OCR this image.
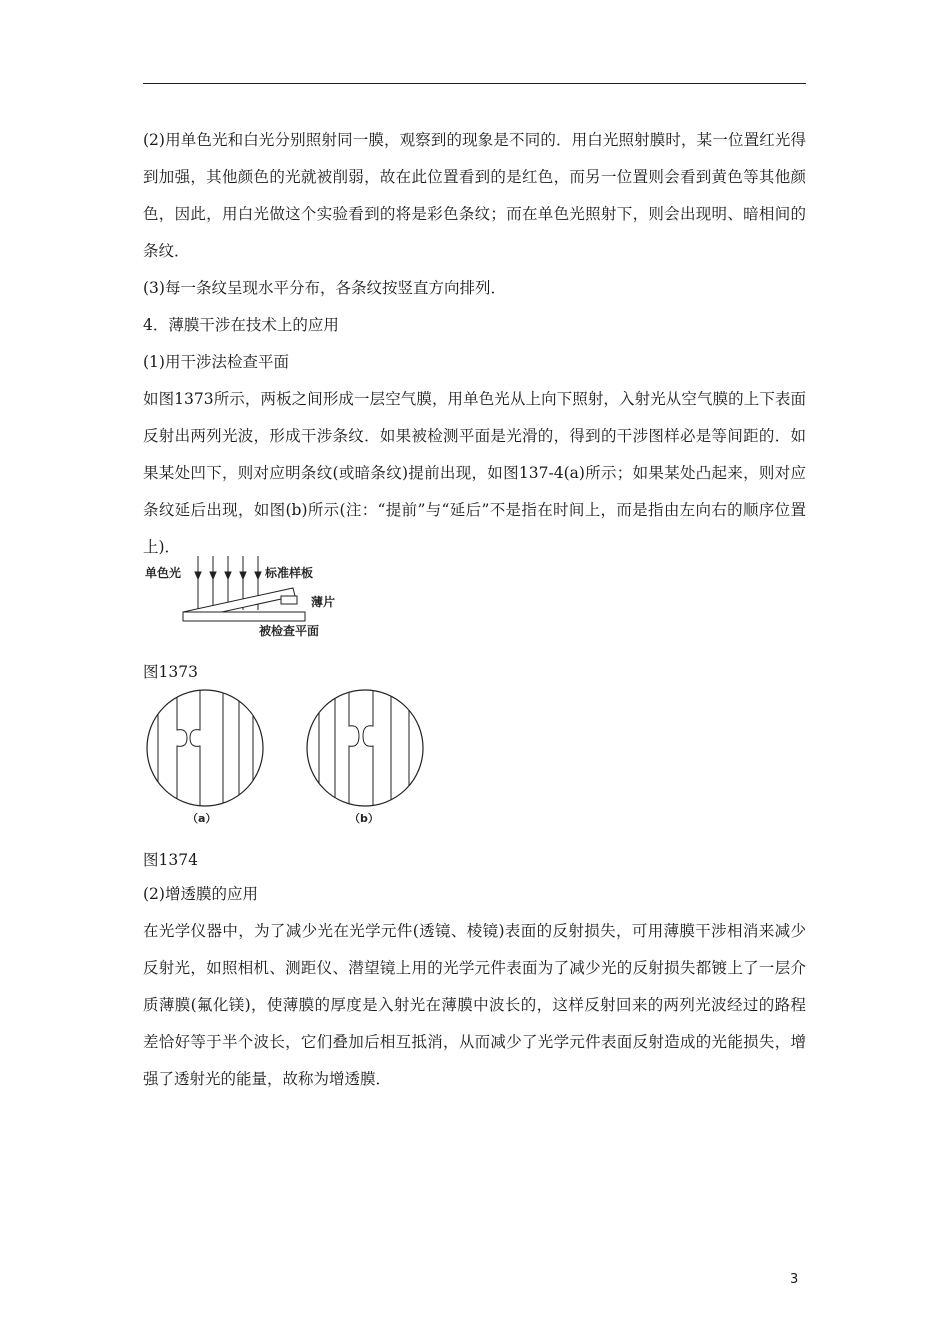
(2)用单色光和白光分别照射同一膜，观察到的现象是不同的．用白光照射膜时，某一位置红光得到加强，其他颜色的光就被削弱，故在此位置看到的是红色，而另一位置则会看到黄色等其他颜色，因此，用白光做这个实验看到的将是彩色条纹；而在单色光照射下，则会出现明、暗相间的条纹．

(3)每一条纹呈现水平分布，各条纹按竖直方向排列．

4．薄膜干涉在技术上的应用

(1)用干涉法检查平面

如图1373所示，两板之间形成一层空气膜，用单色光从上向下照射，入射光从空气膜的上下表面反射出两列光波，形成干涉条纹．如果被检测平面是光滑的，得到的干涉图样必是等间距的．如果某处凹下，则对应明条纹(或暗条纹)提前出现，如图137-4(a)所示；如果某处凸起来，则对应条纹延后出现，如图(b)所示(注：“提前”与“延后”不是指在时间上，而是指由左向右的顺序位置上)．

单色光	标准样板
薄片
被检查平面
图1373
（a）	（b）
图1374

(2)增透膜的应用

在光学仪器中，为了减少光在光学元件(透镜、棱镜)表面的反射损失，可用薄膜干涉相消来减少反射光，如照相机、测距仪、潜望镜上用的光学元件表面为了减少光的反射损失都镀上了一层介质薄膜(氟化镁)，使薄膜的厚度是入射光在薄膜中波长的，这样反射回来的两列光波经过的路程差恰好等于半个波长，它们叠加后相互抵消，从而减少了光学元件表面反射造成的光能损失，增强了透射光的能量，故称为增透膜．

3
